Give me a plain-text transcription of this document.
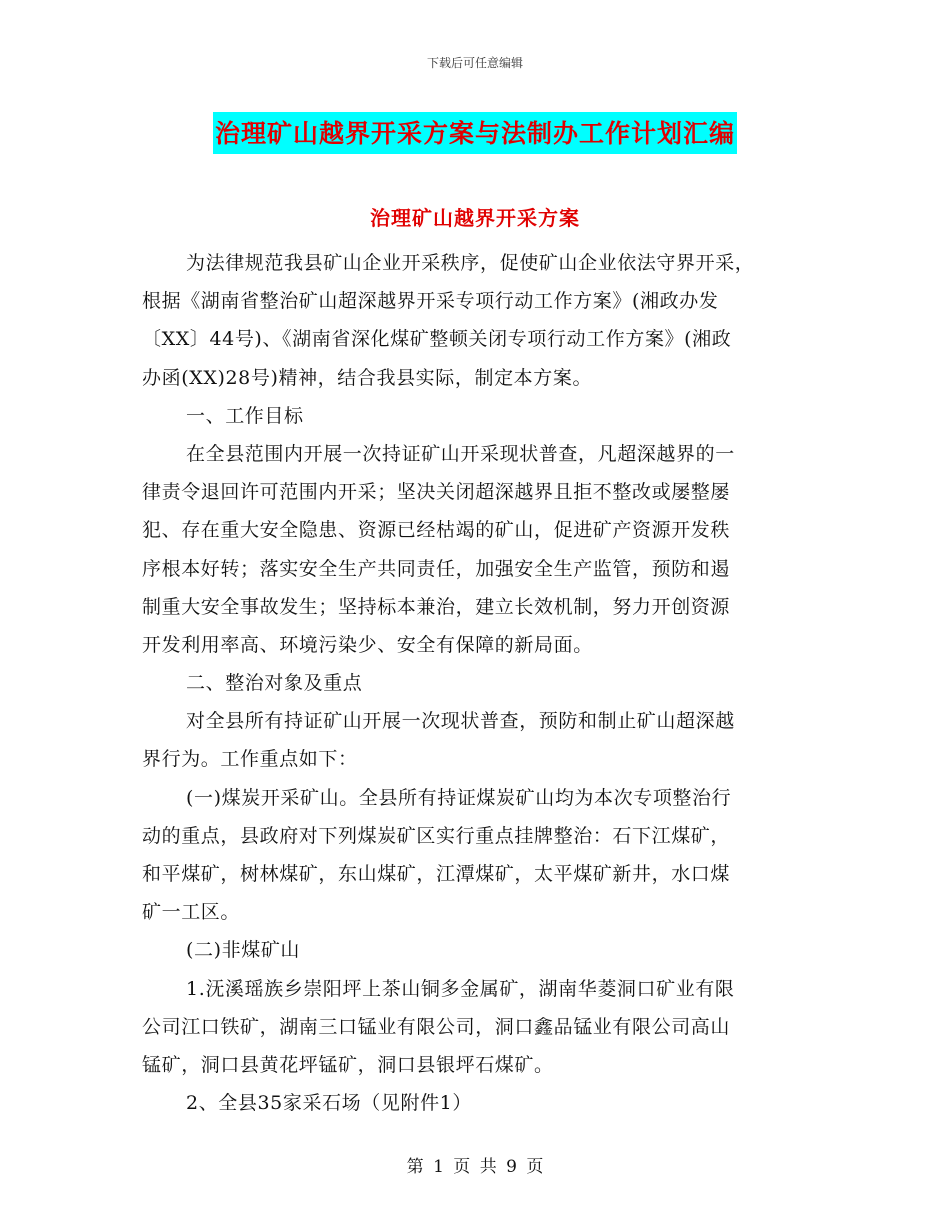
下载后可任意编辑
治理矿山越界开采方案与法制办工作计划汇编
治理矿山越界开采方案
为法律规范我县矿山企业开采秩序，促使矿山企业依法守界开采，
根据《湖南省整治矿山超深越界开采专项行动工作方案》(湘政办发
〔XX〕44号)、《湖南省深化煤矿整顿关闭专项行动工作方案》(湘政
办函(XX)28号)精神，结合我县实际，制定本方案。
一、工作目标
在全县范围内开展一次持证矿山开采现状普查，凡超深越界的一
律责令退回许可范围内开采；坚决关闭超深越界且拒不整改或屡整屡
犯、存在重大安全隐患、资源已经枯竭的矿山，促进矿产资源开发秩
序根本好转；落实安全生产共同责任，加强安全生产监管，预防和遏
制重大安全事故发生；坚持标本兼治，建立长效机制，努力开创资源
开发利用率高、环境污染少、安全有保障的新局面。
二、整治对象及重点
对全县所有持证矿山开展一次现状普查，预防和制止矿山超深越
界行为。工作重点如下：
(一)煤炭开采矿山。全县所有持证煤炭矿山均为本次专项整治行
动的重点，县政府对下列煤炭矿区实行重点挂牌整治：石下江煤矿，
和平煤矿，树林煤矿，东山煤矿，江潭煤矿，太平煤矿新井，水口煤
矿一工区。
(二)非煤矿山
1.𣲘溪瑶族乡崇阳坪上茶山铜多金属矿，湖南华菱洞口矿业有限
公司江口铁矿，湖南三口锰业有限公司，洞口鑫品锰业有限公司高山
锰矿，洞口县黄花坪锰矿，洞口县银坪石煤矿。
2、全县35家采石场（见附件1）
第 1 页 共 9 页
